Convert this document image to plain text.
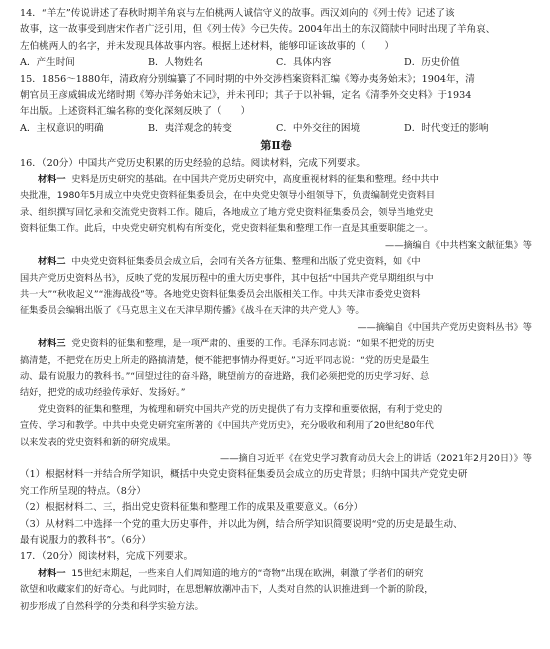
14．“羊左”传说讲述了春秋时期羊角哀与左伯桃两人诚信守义的故事。西汉刘向的《列士传》记述了该
故事，这一故事受到唐宋作者广泛引用，但《列士传》今已失传。2004年出土的东汉简牍中同时出现了羊角哀、
左伯桃两人的名字，并未发现具体故事内容。根据上述材料，能够印证该故事的（　　）
A．产生时间	B．人物姓名	C．具体内容	D．历史价值
15．1856～1880年，清政府分别编纂了不同时期的中外交涉档案资料汇编《筹办夷务始末》；1904年，清
朝官员王彦威辑成光绪时期《筹办洋务始末记》，并未刊印；其子于以补辑，定名《清季外交史料》于1934
年出版。上述资料汇编名称的变化深刻反映了（　　）
A．主权意识的明确	B．夷洋观念的转变	C．中外交往的困境	D．时代变迁的影响
第Ⅱ卷
16．（20分）中国共产党历史积累的历史经验的总结。阅读材料，完成下列要求。
材料一 史料是历史研究的基础。在中国共产党历史研究中，高度重视材料的征集和整理。经中共中
央批准，1980年5月成立中央党史资料征集委员会，在中央党史领导小组领导下，负责编制党史资料目
录、组织撰写回忆录和交流党史资料工作。随后，各地成立了地方党史资料征集委员会，领导当地党史
资料征集工作。此后，中央党史研究机构有所变化，党史资料征集和整理工作一直是其重要职能之一。
——摘编自《中共档案文献征集》等
材料二 中央党史资料征集委员会成立后，会同有关各方征集、整理和出版了党史资料，如《中
国共产党历史资料丛书》，反映了党的发展历程中的重大历史事件，其中包括“中国共产党早期组织与中
共一大”“秋收起义”“淮海战役”等。各地党史资料征集委员会出版相关工作。中共天津市委党史资料
征集委员会编辑出版了《马克思主义在天津早期传播》《战斗在天津的共产党人》等。
——摘编自《中国共产党历史资料丛书》等
材料三 党史资料的征集和整理，是一项严肃的、重要的工作。毛泽东同志说：“如果不把党的历史
搞清楚，不把党在历史上所走的路搞清楚，便不能把事情办得更好。”习近平同志说：“党的历史是最生
动、最有说服力的教科书。”“回望过往的奋斗路，眺望前方的奋进路，我们必须把党的历史学习好、总
结好，把党的成功经验传承好、发扬好。”
党史资料的征集和整理，为梳理和研究中国共产党的历史提供了有力支撑和重要依据，有利于党史的
宣传、学习和教学。中共中央党史研究室所著的《中国共产党历史》，充分吸收和利用了20世纪80年代
以来发表的党史资料和新的研究成果。
——摘自习近平《在党史学习教育动员大会上的讲话（2021年2月20日）》等
（1）根据材料一并结合所学知识，概括中央党史资料征集委员会成立的历史背景；归纳中国共产党党史研
究工作所呈现的特点。（8分）
（2）根据材料二、三，指出党史资料征集和整理工作的成果及重要意义。（6分）
（3）从材料二中选择一个党的重大历史事件，并以此为例，结合所学知识简要说明“党的历史是最生动、
最有说服力的教科书”。（6分）
17．（20分）阅读材料，完成下列要求。
材料一 15世纪末期起，一些来自人们周知道的地方的“奇物”出现在欧洲，刺激了学者们的研究
欲望和收藏家们的好奇心。与此同时，在思想解放潮冲击下，人类对自然的认识推进到一个新的阶段，
初步形成了自然科学的分类和科学实验方法。
